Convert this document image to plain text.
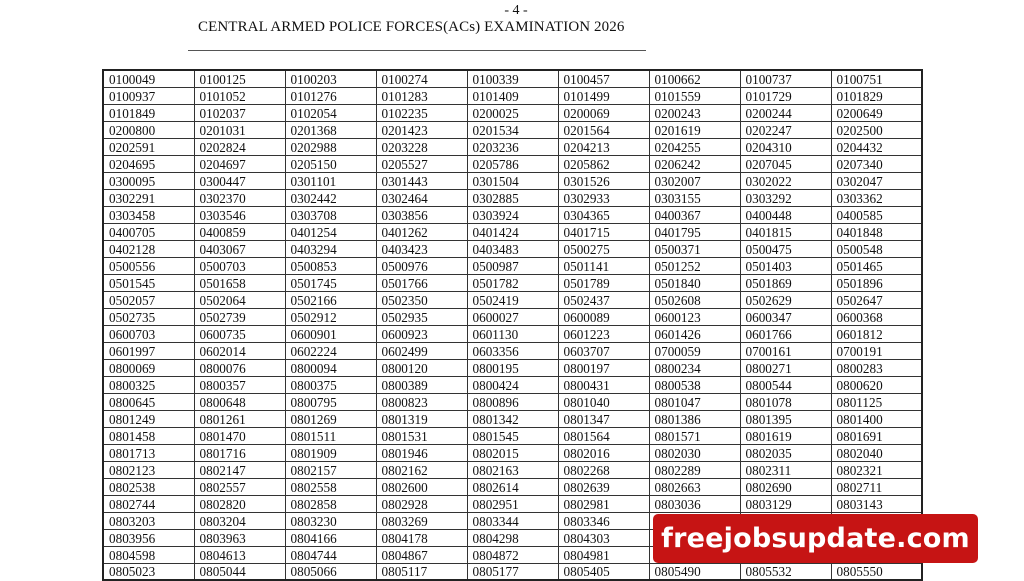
- 4 -
CENTRAL ARMED POLICE FORCES(ACs) EXAMINATION 2026
0100049	0100125	0100203	0100274	0100339	0100457	0100662	0100737	0100751
0100937	0101052	0101276	0101283	0101409	0101499	0101559	0101729	0101829
0101849	0102037	0102054	0102235	0200025	0200069	0200243	0200244	0200649
0200800	0201031	0201368	0201423	0201534	0201564	0201619	0202247	0202500
0202591	0202824	0202988	0203228	0203236	0204213	0204255	0204310	0204432
0204695	0204697	0205150	0205527	0205786	0205862	0206242	0207045	0207340
0300095	0300447	0301101	0301443	0301504	0301526	0302007	0302022	0302047
0302291	0302370	0302442	0302464	0302885	0302933	0303155	0303292	0303362
0303458	0303546	0303708	0303856	0303924	0304365	0400367	0400448	0400585
0400705	0400859	0401254	0401262	0401424	0401715	0401795	0401815	0401848
0402128	0403067	0403294	0403423	0403483	0500275	0500371	0500475	0500548
0500556	0500703	0500853	0500976	0500987	0501141	0501252	0501403	0501465
0501545	0501658	0501745	0501766	0501782	0501789	0501840	0501869	0501896
0502057	0502064	0502166	0502350	0502419	0502437	0502608	0502629	0502647
0502735	0502739	0502912	0502935	0600027	0600089	0600123	0600347	0600368
0600703	0600735	0600901	0600923	0601130	0601223	0601426	0601766	0601812
0601997	0602014	0602224	0602499	0603356	0603707	0700059	0700161	0700191
0800069	0800076	0800094	0800120	0800195	0800197	0800234	0800271	0800283
0800325	0800357	0800375	0800389	0800424	0800431	0800538	0800544	0800620
0800645	0800648	0800795	0800823	0800896	0801040	0801047	0801078	0801125
0801249	0801261	0801269	0801319	0801342	0801347	0801386	0801395	0801400
0801458	0801470	0801511	0801531	0801545	0801564	0801571	0801619	0801691
0801713	0801716	0801909	0801946	0802015	0802016	0802030	0802035	0802040
0802123	0802147	0802157	0802162	0802163	0802268	0802289	0802311	0802321
0802538	0802557	0802558	0802600	0802614	0802639	0802663	0802690	0802711
0802744	0802820	0802858	0802928	0802951	0802981	0803036	0803129	0803143
0803203	0803204	0803230	0803269	0803344	0803346			
0803956	0803963	0804166	0804178	0804298	0804303			
0804598	0804613	0804744	0804867	0804872	0804981			
0805023	0805044	0805066	0805117	0805177	0805405	0805490	0805532	0805550
freejobsupdate.com
